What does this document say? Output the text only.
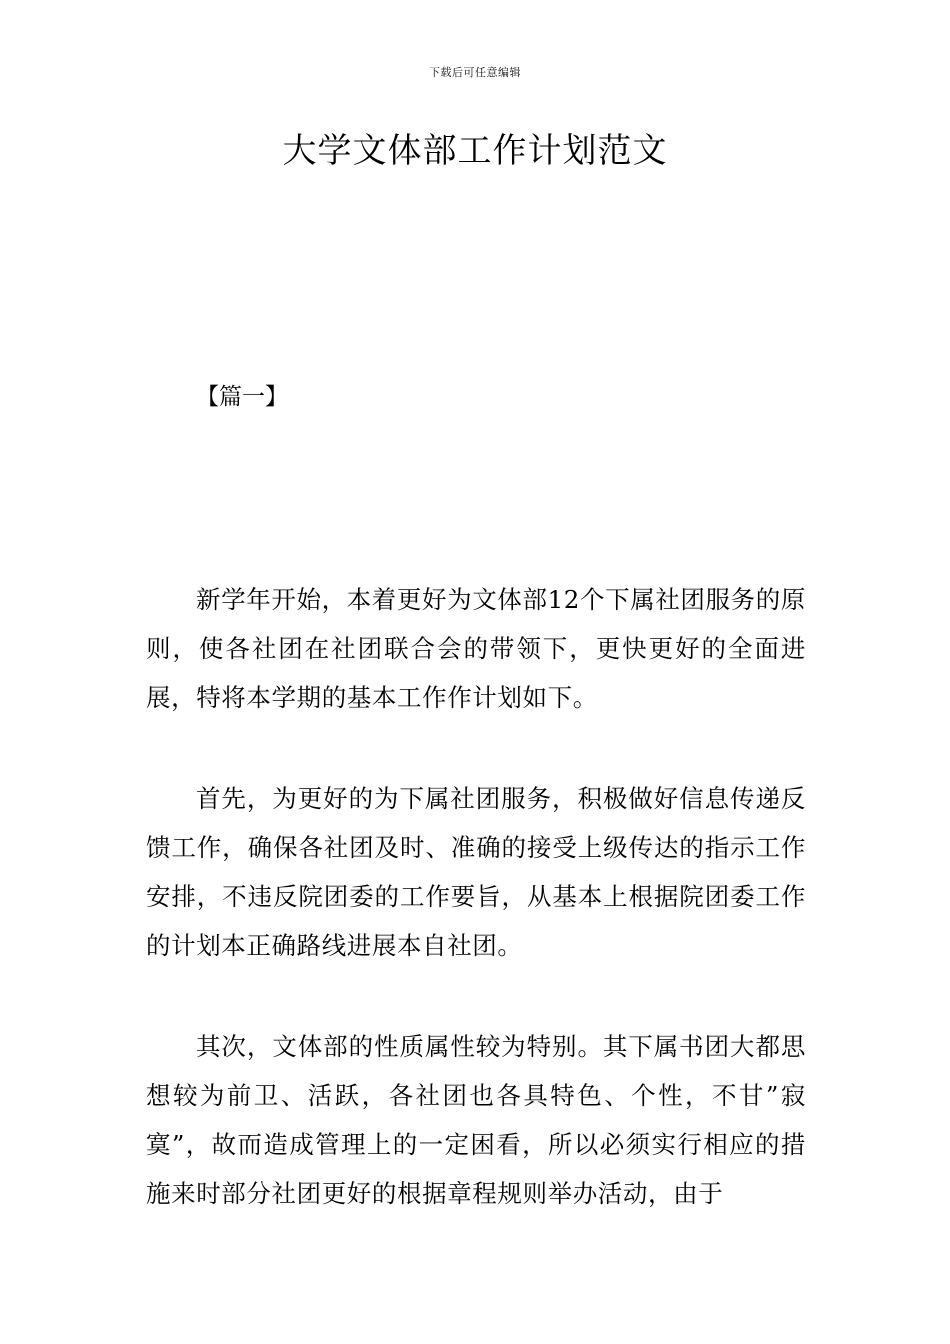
下载后可任意编辑
大学文体部工作计划范文
【篇一】

新学年开始，本着更好为文体部12个下属社团服务的原则，使各社团在社团联合会的带领下，更快更好的全面进展，特将本学期的基本工作作计划如下。

首先，为更好的为下属社团服务，积极做好信息传递反馈工作，确保各社团及时、准确的接受上级传达的指示工作安排，不违反院团委的工作要旨，从基本上根据院团委工作的计划本正确路线进展本自社团。

其次，文体部的性质属性较为特别。其下属书团大都思想较为前卫、活跃，各社团也各具特色、个性，不甘”寂寞”，故而造成管理上的一定困看，所以必须实行相应的措施来时部分社团更好的根据章程规则举办活动，由于
